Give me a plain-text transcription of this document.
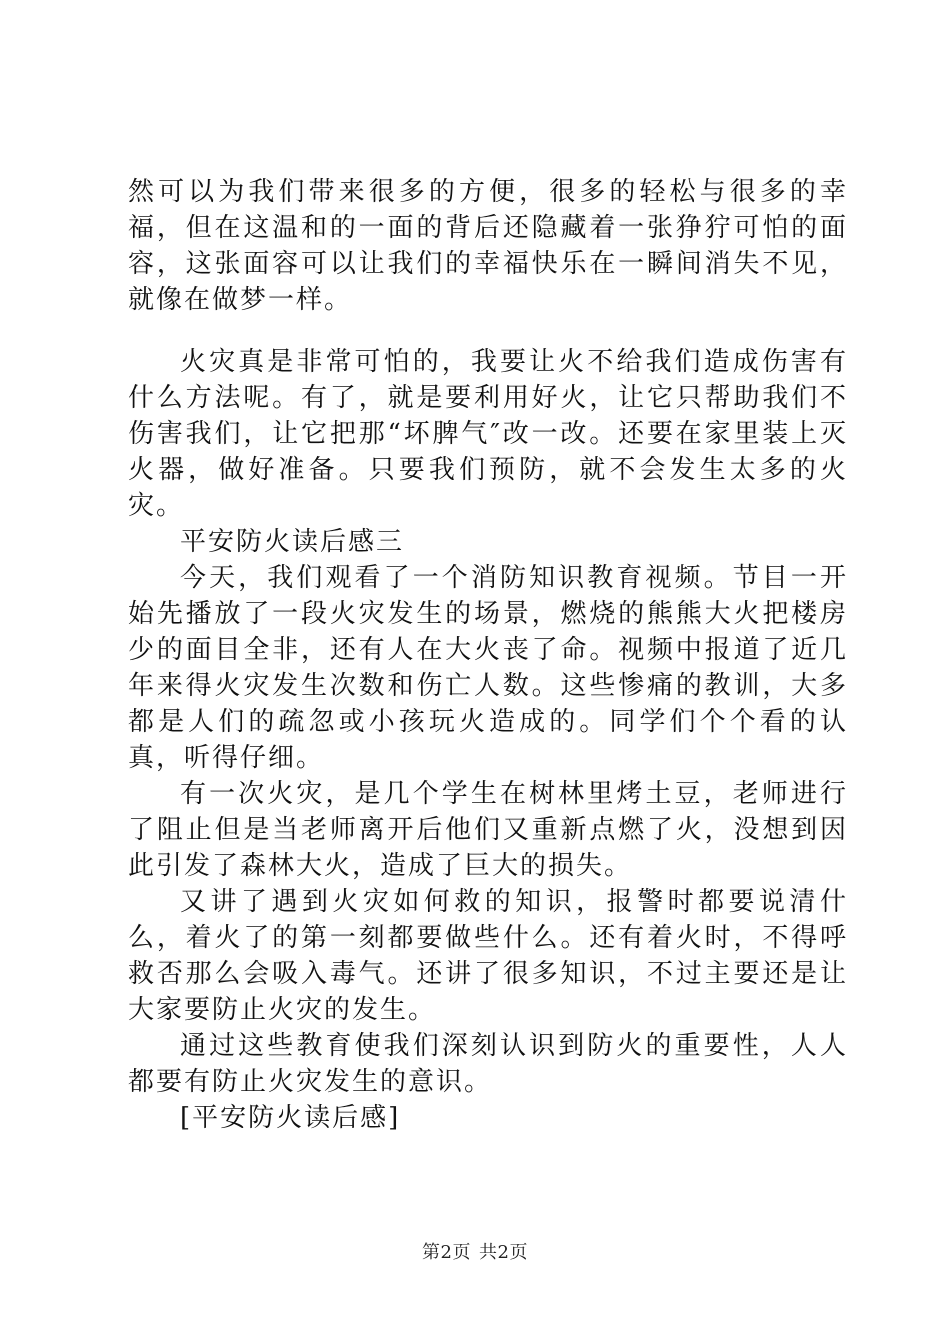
然可以为我们带来很多的方便，很多的轻松与很多的幸福，但在这温和的一面的背后还隐藏着一张狰狞可怕的面容，这张面容可以让我们的幸福快乐在一瞬间消失不见，就像在做梦一样。

火灾真是非常可怕的，我要让火不给我们造成伤害有什么方法呢。有了，就是要利用好火，让它只帮助我们不伤害我们，让它把那“坏脾气″改一改。还要在家里装上灭火器，做好准备。只要我们预防，就不会发生太多的火灾。

平安防火读后感三

今天，我们观看了一个消防知识教育视频。节目一开始先播放了一段火灾发生的场景，燃烧的熊熊大火把楼房少的面目全非，还有人在大火丧了命。视频中报道了近几年来得火灾发生次数和伤亡人数。这些惨痛的教训，大多都是人们的疏忽或小孩玩火造成的。同学们个个看的认真，听得仔细。

有一次火灾，是几个学生在树林里烤土豆，老师进行了阻止但是当老师离开后他们又重新点燃了火，没想到因此引发了森林大火，造成了巨大的损失。

又讲了遇到火灾如何救的知识，报警时都要说清什么，着火了的第一刻都要做些什么。还有着火时，不得呼救否那么会吸入毒气。还讲了很多知识，不过主要还是让大家要防止火灾的发生。

通过这些教育使我们深刻认识到防火的重要性，人人都要有防止火灾发生的意识。

[平安防火读后感]

第2页 共2页
